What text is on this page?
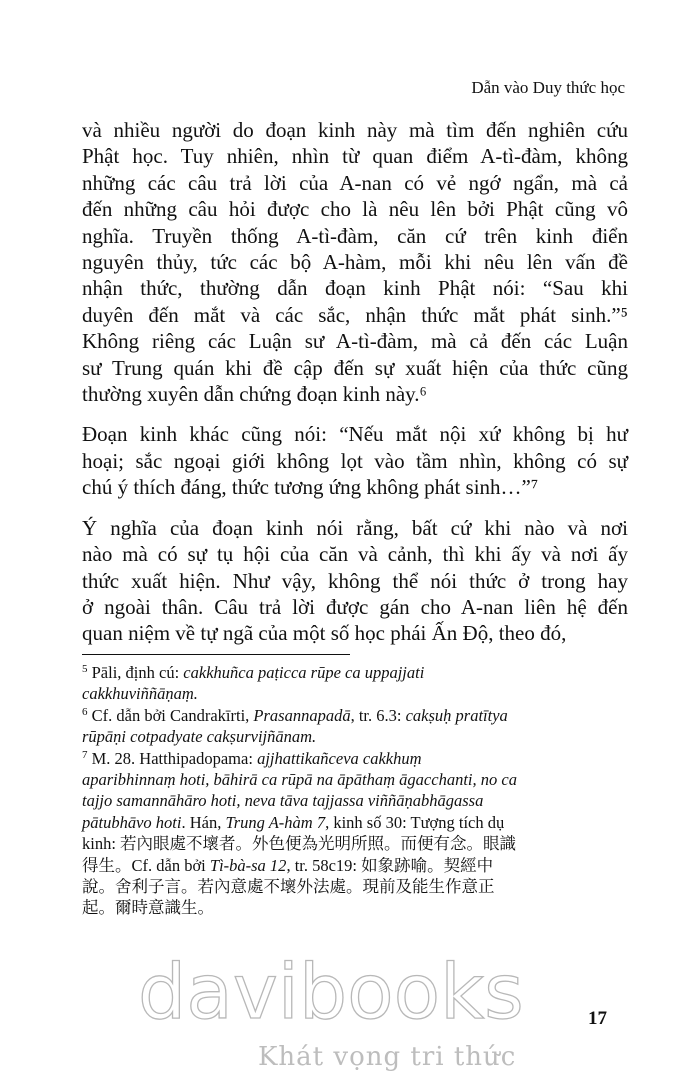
Dẫn vào Duy thức học
và nhiều người do đoạn kinh này mà tìm đến nghiên cứu
Phật học. Tuy nhiên, nhìn từ quan điểm A-tì-đàm, không
những các câu trả lời của A-nan có vẻ ngớ ngẩn, mà cả
đến những câu hỏi được cho là nêu lên bởi Phật cũng vô
nghĩa. Truyền thống A-tì-đàm, căn cứ trên kinh điển
nguyên thủy, tức các bộ A-hàm, mỗi khi nêu lên vấn đề
nhận thức, thường dẫn đoạn kinh Phật nói: “Sau khi
duyên đến mắt và các sắc, nhận thức mắt phát sinh.”⁵
Không riêng các Luận sư A-tì-đàm, mà cả đến các Luận
sư Trung quán khi đề cập đến sự xuất hiện của thức cũng
thường xuyên dẫn chứng đoạn kinh này.⁶
Đoạn kinh khác cũng nói: “Nếu mắt nội xứ không bị hư
hoại; sắc ngoại giới không lọt vào tầm nhìn, không có sự
chú ý thích đáng, thức tương ứng không phát sinh…”⁷
Ý nghĩa của đoạn kinh nói rằng, bất cứ khi nào và nơi
nào mà có sự tụ hội của căn và cảnh, thì khi ấy và nơi ấy
thức xuất hiện. Như vậy, không thể nói thức ở trong hay
ở ngoài thân. Câu trả lời được gán cho A-nan liên hệ đến
quan niệm về tự ngã của một số học phái Ấn Độ, theo đó,
$^5$ Pāli, định cú: cakkhuñca paṭicca rūpe ca uppajjati
cakkhuviññāṇaṃ.
$^6$ Cf. dẫn bởi Candrakīrti, Prasannapadā, tr. 6.3: cakṣuḥ pratītya
rūpāṇi cotpadyate cakṣurvijñānam.
$^7$ M. 28. Hatthipadopama: ajjhattikañceva cakkhuṃ
aparibhinnaṃ hoti, bāhirā ca rūpā na āpāthaṃ āgacchanti, no ca
tajjo samannāhāro hoti, neva tāva tajjassa viññāṇabhāgassa
pātubhāvo hoti. Hán, Trung A-hàm 7, kinh số 30: Tượng tích dụ
kinh: 若內眼處不壞者。外色便為光明所照。而便有念。眼識
得生。Cf. dẫn bởi Tì-bà-sa 12, tr. 58c19: 如象跡喻。契經中
說。舍利子言。若內意處不壞外法處。現前及能生作意正
起。爾時意識生。
davibooks
Khát vọng tri thức
17
